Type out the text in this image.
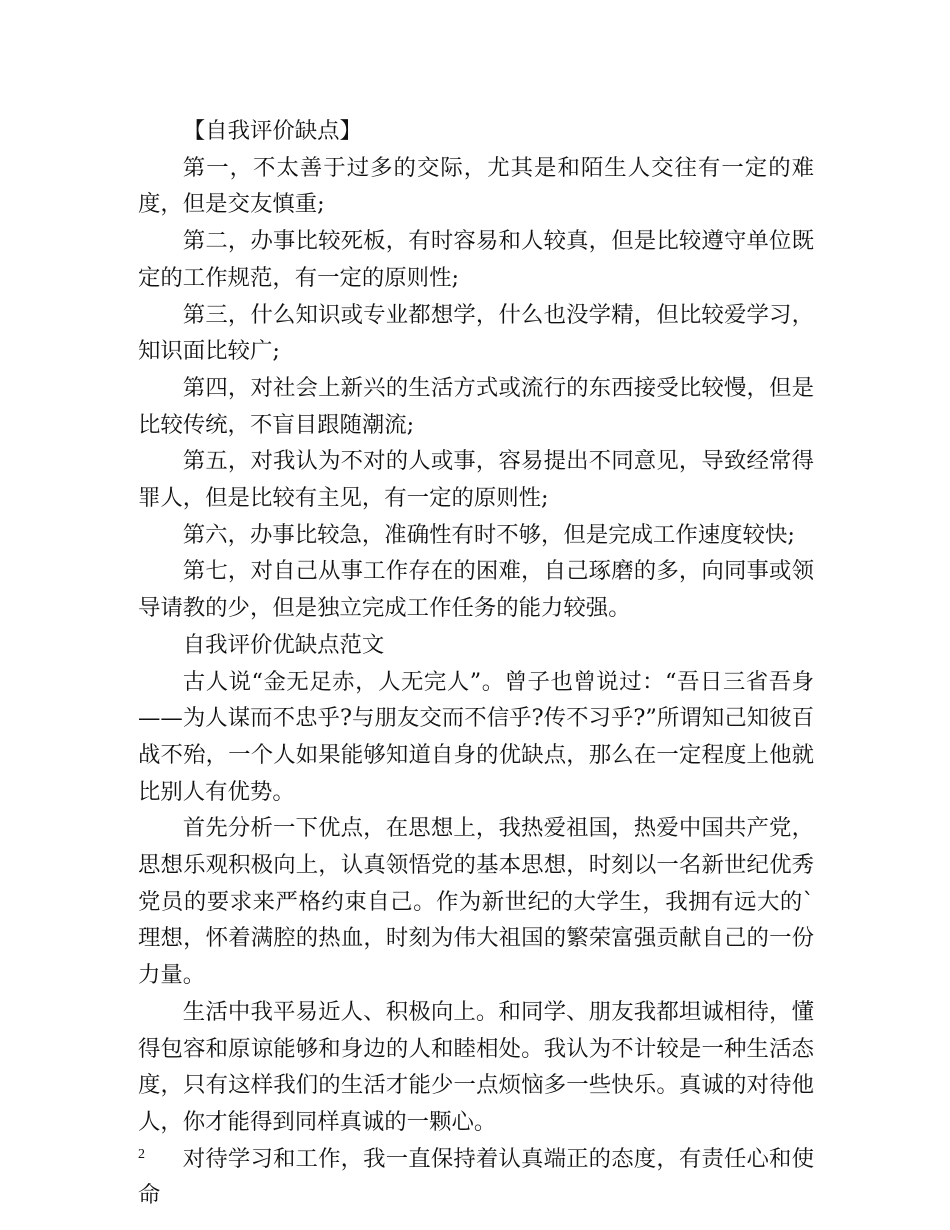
【自我评价缺点】

第一，不太善于过多的交际，尤其是和陌生人交往有一定的难度，但是交友慎重;

第二，办事比较死板，有时容易和人较真，但是比较遵守单位既定的工作规范，有一定的原则性;

第三，什么知识或专业都想学，什么也没学精，但比较爱学习，知识面比较广;

第四，对社会上新兴的生活方式或流行的东西接受比较慢，但是比较传统，不盲目跟随潮流;

第五，对我认为不对的人或事，容易提出不同意见，导致经常得罪人，但是比较有主见，有一定的原则性;

第六，办事比较急，准确性有时不够，但是完成工作速度较快;

第七，对自己从事工作存在的困难，自己琢磨的多，向同事或领导请教的少，但是独立完成工作任务的能力较强。

自我评价优缺点范文

古人说“金无足赤，人无完人”。曾子也曾说过：“吾日三省吾身——为人谋而不忠乎?与朋友交而不信乎?传不习乎?”所谓知己知彼百战不殆，一个人如果能够知道自身的优缺点，那么在一定程度上他就比别人有优势。

首先分析一下优点，在思想上，我热爱祖国，热爱中国共产党，思想乐观积极向上，认真领悟党的基本思想，时刻以一名新世纪优秀党员的要求来严格约束自己。作为新世纪的大学生，我拥有远大的`理想，怀着满腔的热血，时刻为伟大祖国的繁荣富强贡献自己的一份力量。

生活中我平易近人、积极向上。和同学、朋友我都坦诚相待，懂得包容和原谅能够和身边的人和睦相处。我认为不计较是一种生活态度，只有这样我们的生活才能少一点烦恼多一些快乐。真诚的对待他人，你才能得到同样真诚的一颗心。

对待学习和工作，我一直保持着认真端正的态度，有责任心和使命

2
